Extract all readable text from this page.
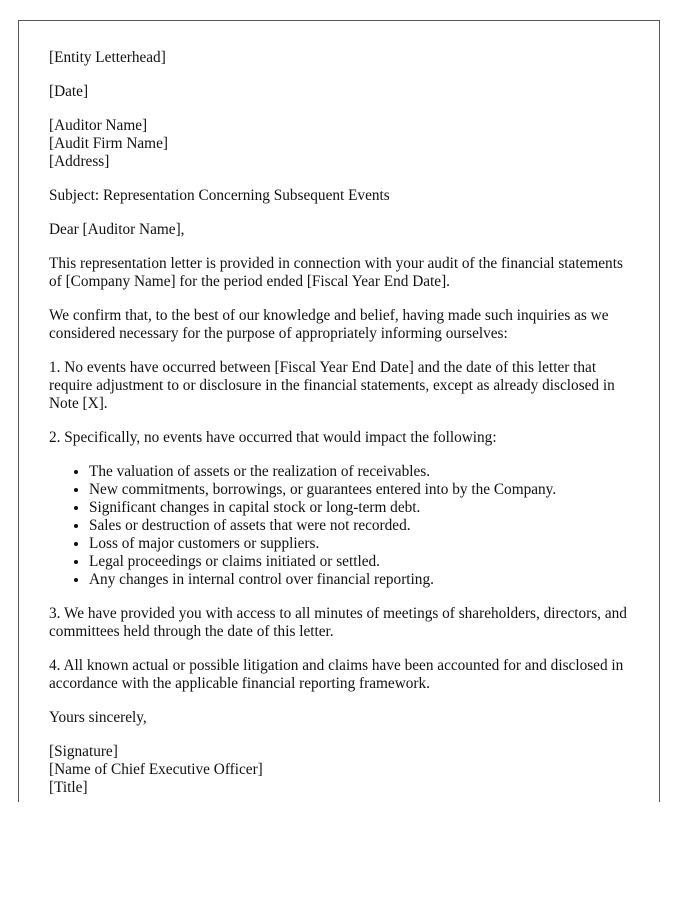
[Entity Letterhead]

[Date]

[Auditor Name]
[Audit Firm Name]
[Address]

Subject: Representation Concerning Subsequent Events

Dear [Auditor Name],

This representation letter is provided in connection with your audit of the financial statements of [Company Name] for the period ended [Fiscal Year End Date].

We confirm that, to the best of our knowledge and belief, having made such inquiries as we considered necessary for the purpose of appropriately informing ourselves:

1. No events have occurred between [Fiscal Year End Date] and the date of this letter that require adjustment to or disclosure in the financial statements, except as already disclosed in Note [X].

2. Specifically, no events have occurred that would impact the following:

• The valuation of assets or the realization of receivables.
• New commitments, borrowings, or guarantees entered into by the Company.
• Significant changes in capital stock or long-term debt.
• Sales or destruction of assets that were not recorded.
• Loss of major customers or suppliers.
• Legal proceedings or claims initiated or settled.
• Any changes in internal control over financial reporting.

3. We have provided you with access to all minutes of meetings of shareholders, directors, and committees held through the date of this letter.

4. All known actual or possible litigation and claims have been accounted for and disclosed in accordance with the applicable financial reporting framework.

Yours sincerely,

[Signature]
[Name of Chief Executive Officer]
[Title]
